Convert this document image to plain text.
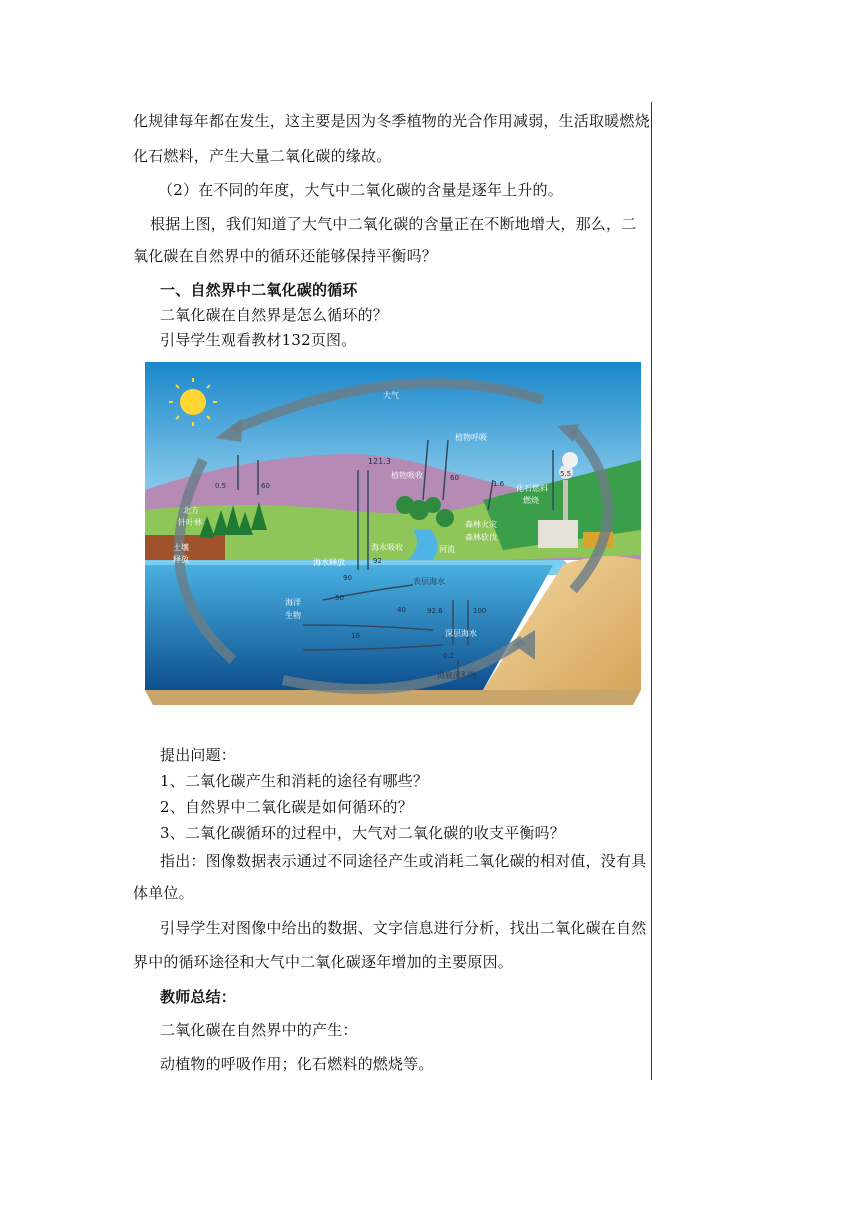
化规律每年都在发生，这主要是因为冬季植物的光合作用减弱，生活取暖燃烧
化石燃料，产生大量二氧化碳的缘故。
（2）在不同的年度，大气中二氧化碳的含量是逐年上升的。
根据上图，我们知道了大气中二氧化碳的含量正在不断地增大，那么，二
氧化碳在自然界中的循环还能够保持平衡吗？
一、自然界中二氧化碳的循环
二氧化碳在自然界是怎么循环的？
引导学生观看教材132页图。
大气
植物呼吸
121.3
植物吸收	60
0.5	60	1.6
5.5
化石燃料
燃烧
北方
针叶林
土壤
释放
森林火灾
森林砍伐
海水吸收
海水释放
河流
90
92
表层海水
海洋
生物
50
40
10
92.6	100
深层海水
0.2
海底沉积物
提出问题：
1、二氧化碳产生和消耗的途径有哪些？
2、自然界中二氧化碳是如何循环的？
3、二氧化碳循环的过程中，大气对二氧化碳的收支平衡吗？
指出：图像数据表示通过不同途径产生或消耗二氧化碳的相对值，没有具
体单位。
引导学生对图像中给出的数据、文字信息进行分析，找出二氧化碳在自然
界中的循环途径和大气中二氧化碳逐年增加的主要原因。
教师总结：
二氧化碳在自然界中的产生：
动植物的呼吸作用；化石燃料的燃烧等。
